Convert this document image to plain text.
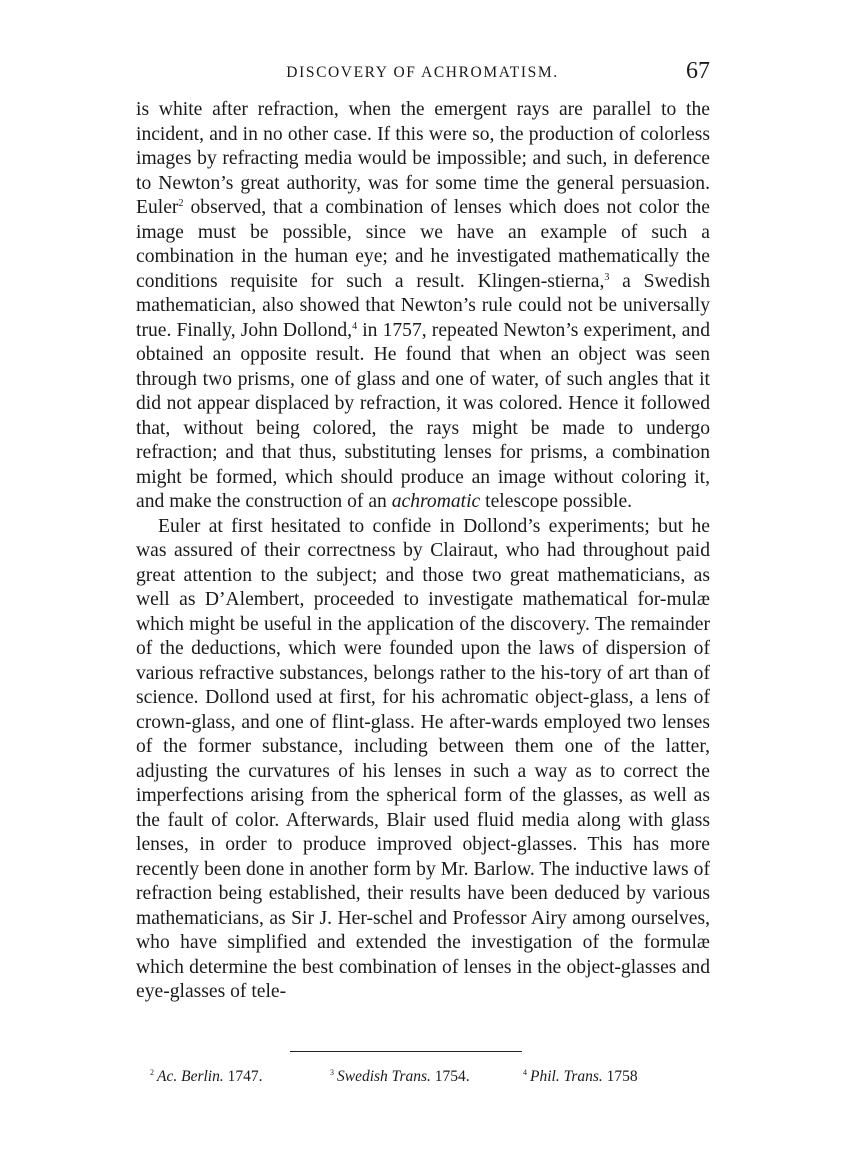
DISCOVERY OF ACHROMATISM.	67

is white after refraction, when the emergent rays are parallel to the incident, and in no other case. If this were so, the production of colorless images by refracting media would be impossible; and such, in deference to Newton’s great authority, was for some time the general persuasion. Euler$^2$ observed, that a combination of lenses which does not color the image must be possible, since we have an example of such a combination in the human eye; and he investigated mathematically the conditions requisite for such a result. Klingen-stierna,$^3$ a Swedish mathematician, also showed that Newton’s rule could not be universally true. Finally, John Dollond,$^4$ in 1757, repeated Newton’s experiment, and obtained an opposite result. He found that when an object was seen through two prisms, one of glass and one of water, of such angles that it did not appear displaced by refraction, it was colored. Hence it followed that, without being colored, the rays might be made to undergo refraction; and that thus, substituting lenses for prisms, a combination might be formed, which should produce an image without coloring it, and make the construction of an achromatic telescope possible.

Euler at first hesitated to confide in Dollond’s experiments; but he was assured of their correctness by Clairaut, who had throughout paid great attention to the subject; and those two great mathematicians, as well as D’Alembert, proceeded to investigate mathematical for-mulæ which might be useful in the application of the discovery. The remainder of the deductions, which were founded upon the laws of dispersion of various refractive substances, belongs rather to the his-tory of art than of science. Dollond used at first, for his achromatic object-glass, a lens of crown-glass, and one of flint-glass. He after-wards employed two lenses of the former substance, including between them one of the latter, adjusting the curvatures of his lenses in such a way as to correct the imperfections arising from the spherical form of the glasses, as well as the fault of color. Afterwards, Blair used fluid media along with glass lenses, in order to produce improved object-glasses. This has more recently been done in another form by Mr. Barlow. The inductive laws of refraction being established, their results have been deduced by various mathematicians, as Sir J. Her-schel and Professor Airy among ourselves, who have simplified and extended the investigation of the formulæ which determine the best combination of lenses in the object-glasses and eye-glasses of tele-

$^2$ Ac. Berlin. 1747.	$^3$ Swedish Trans. 1754.	$^4$ Phil. Trans. 1758
